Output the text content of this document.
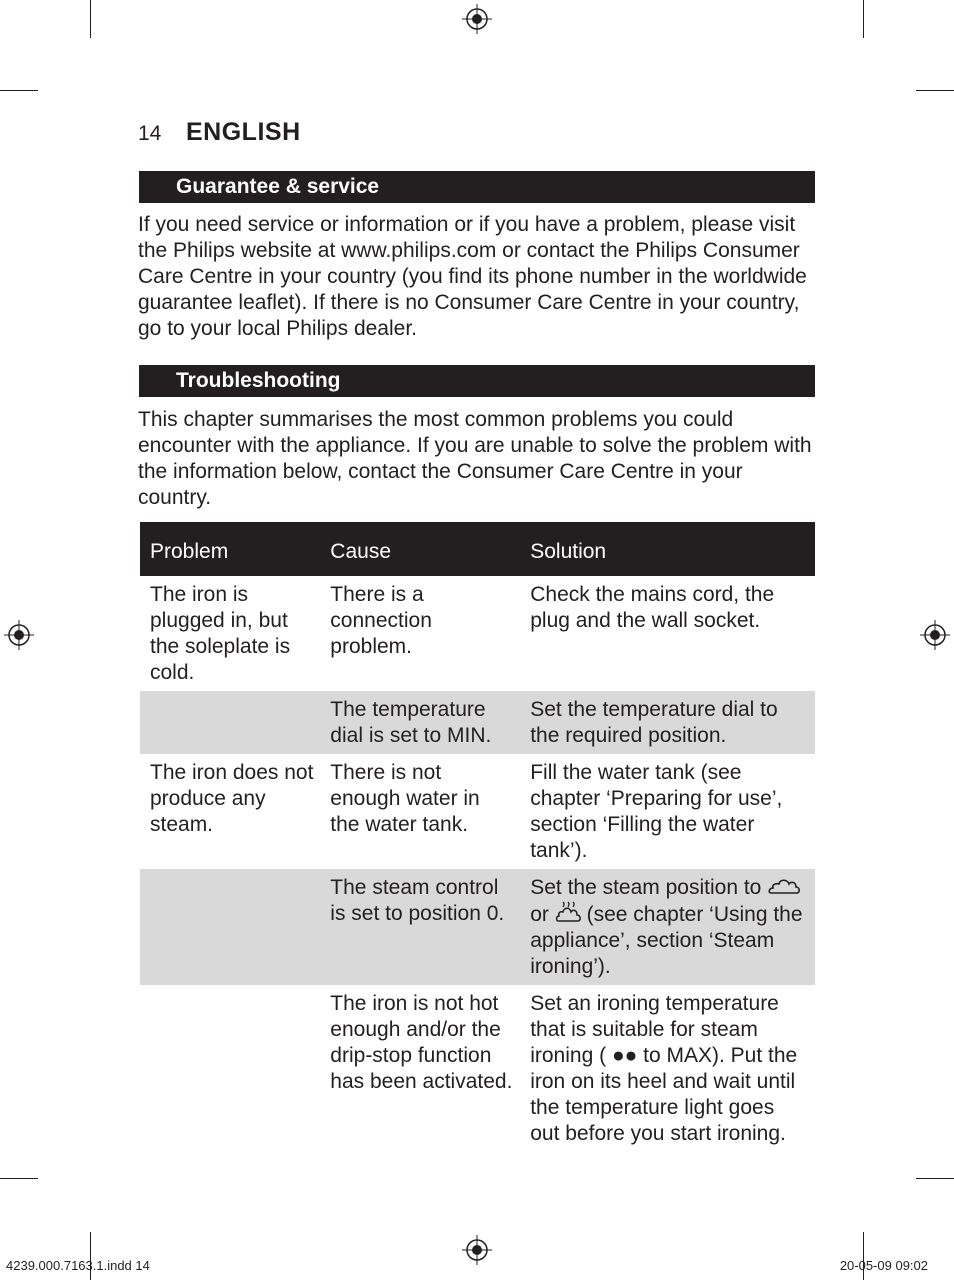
14 ENGLISH
Guarantee & service

If you need service or information or if you have a problem, please visit the Philips website at www.philips.com or contact the Philips Consumer Care Centre in your country (you find its phone number in the worldwide guarantee leaflet). If there is no Consumer Care Centre in your country, go to your local Philips dealer.

Troubleshooting

This chapter summarises the most common problems you could encounter with the appliance. If you are unable to solve the problem with the information below, contact the Consumer Care Centre in your country.

Problem	Cause	Solution
The iron is plugged in, but the soleplate is cold.	There is a connection problem.	Check the mains cord, the plug and the wall socket.
	The temperature dial is set to MIN.	Set the temperature dial to the required position.
The iron does not produce any steam.	There is not enough water in the water tank.	Fill the water tank (see chapter ‘Preparing for use’, section ‘Filling the water tank’).
	The steam control is set to position 0.	Set the steam position to  or (see chapter ‘Using the appliance’, section ‘Steam ironing’).
	The iron is not hot enough and/or the drip-stop function has been activated.	Set an ironing temperature that is suitable for steam ironing ( ●● to MAX). Put the iron on its heel and wait until the temperature light goes out before you start ironing.
4239.000.7163.1.indd 14	20-05-09 09:02
